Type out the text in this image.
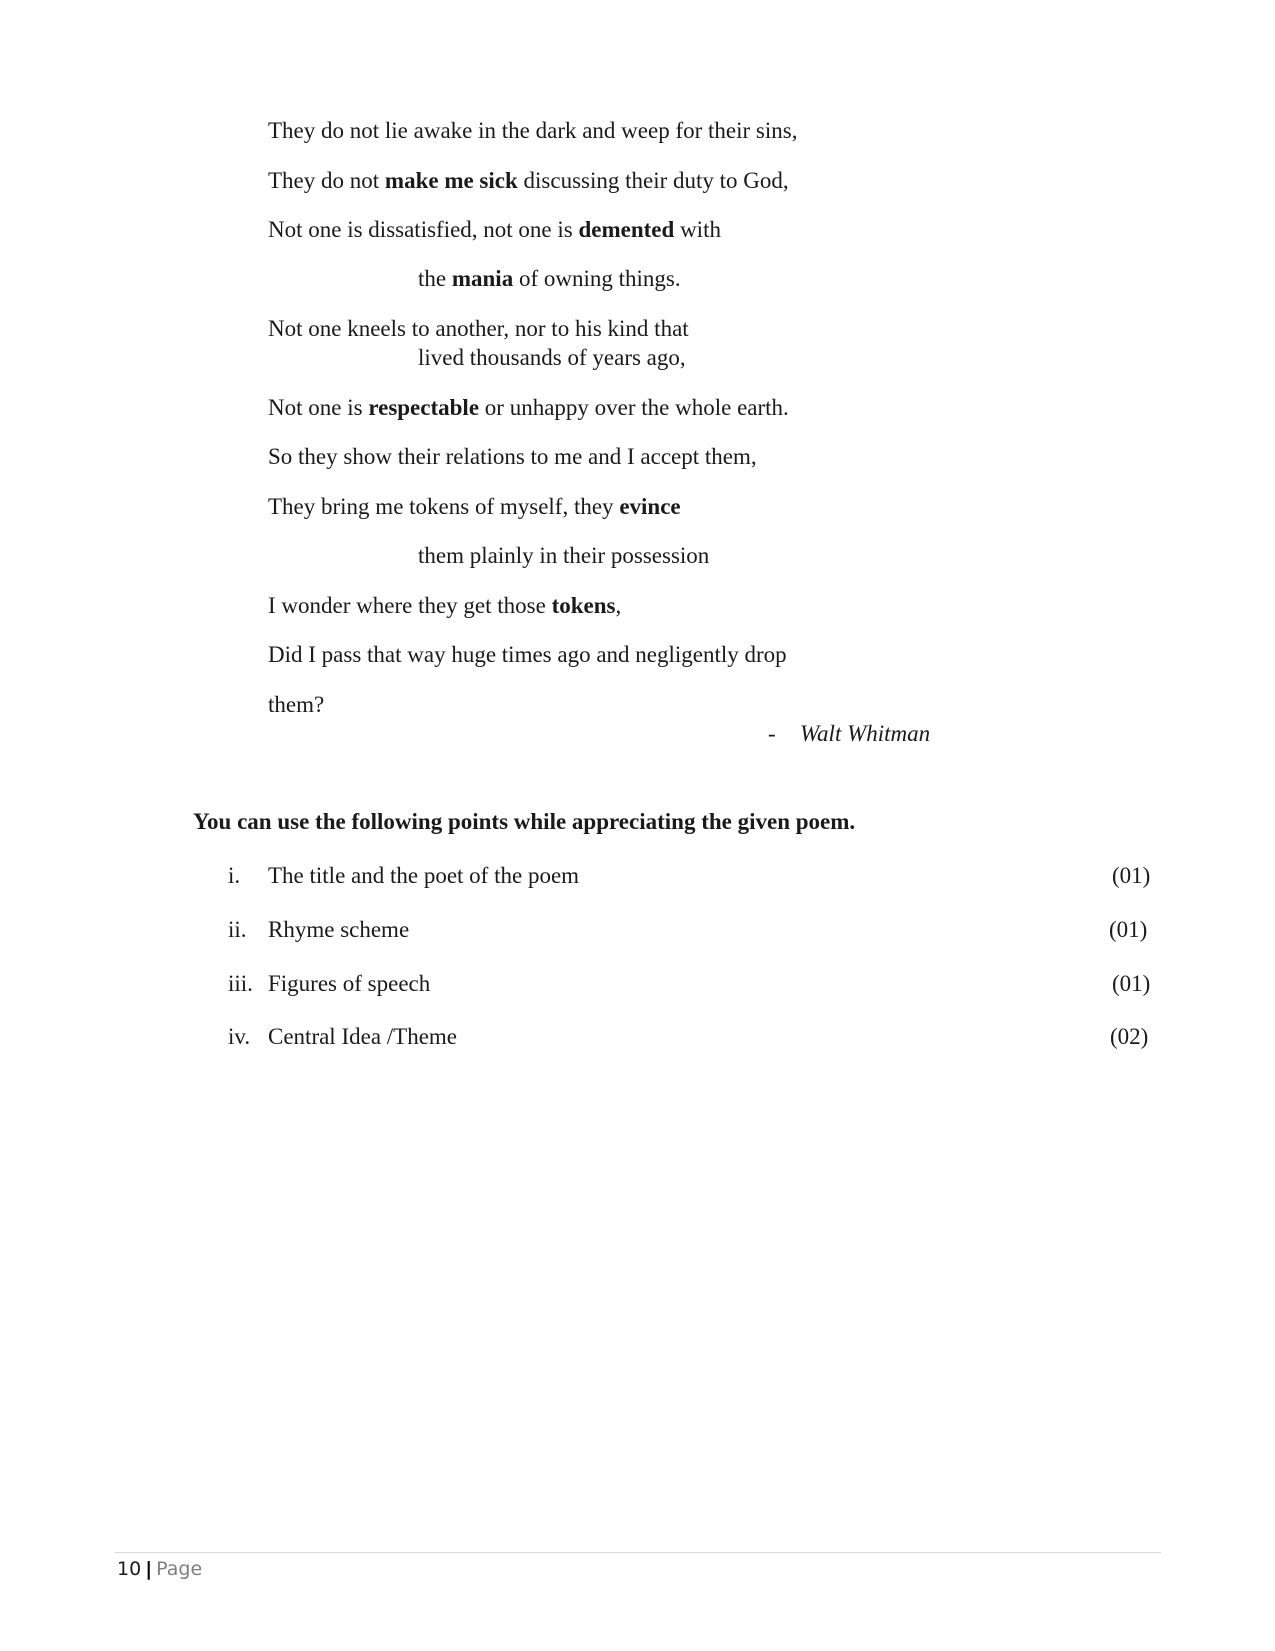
They do not lie awake in the dark and weep for their sins,
They do not make me sick discussing their duty to God,
Not one is dissatisfied, not one is demented with
the mania of owning things.
Not one kneels to another, nor to his kind that
lived thousands of years ago,
Not one is respectable or unhappy over the whole earth.
So they show their relations to me and I accept them,
They bring me tokens of myself, they evince
them plainly in their possession
I wonder where they get those tokens,
Did I pass that way huge times ago and negligently drop
them?
- Walt Whitman
You can use the following points while appreciating the given poem.
i. The title and the poet of the poem	(01)
ii. Rhyme scheme	(01)
iii. Figures of speech	(01)
iv. Central Idea /Theme	(02)
10 | Page
